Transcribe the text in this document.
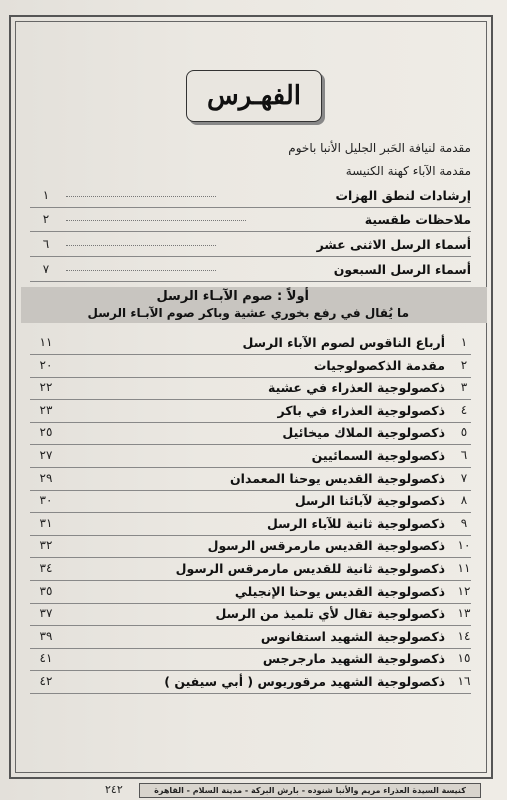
الفهـرس
مقدمة لنيافة الحَبر الجليل الأنبا باخوم
مقدمة الآباء كهنة الكنيسة
إرشادات لنطق الهزات
١
ملاحظات طقسية
٢
أسماء الرسل الاثنى عشر
٦
أسماء الرسل السبعون
٧
أولاً : صوم الآبـاء الرسل
ما يُقال في رفع بخوري عشية وباكر صوم الآبـاء الرسل
١
أرباع الناقوس لصوم الآباء الرسل
١١
٢
مقدمة الذكصولوجيات
٢٠
٣
ذكصولوجية العذراء في عشية
٢٢
٤
ذكصولوجية العذراء في باكر
٢٣
٥
ذكصولوجية الملاك ميخائيل
٢٥
٦
ذكصولوجية السمائيين
٢٧
٧
ذكصولوجية القديس يوحنا المعمدان
٢٩
٨
ذكصولوجية لآبائنا الرسل
٣٠
٩
ذكصولوجية ثانية للآباء الرسل
٣١
١٠
ذكصولوجية القديس مارمرقس الرسول
٣٢
١١
ذكصولوجية ثانية للقديس مارمرقس الرسول
٣٤
١٢
ذكصولوجية القديس يوحنا الإنجيلي
٣٥
١٣
ذكصولوجية تقال لأي تلميذ من الرسل
٣٧
١٤
ذكصولوجية الشهيد استفانوس
٣٩
١٥
ذكصولوجية الشهيد مارجرجس
٤١
١٦
ذكصولوجية الشهيد مرقوريوس ( أبي سيفين )
٤٢
٢٤٢	كنيسة السيدة العذراء مريم والأنبا شنوده - بارش البركة - مدينة السلام - القاهرة
